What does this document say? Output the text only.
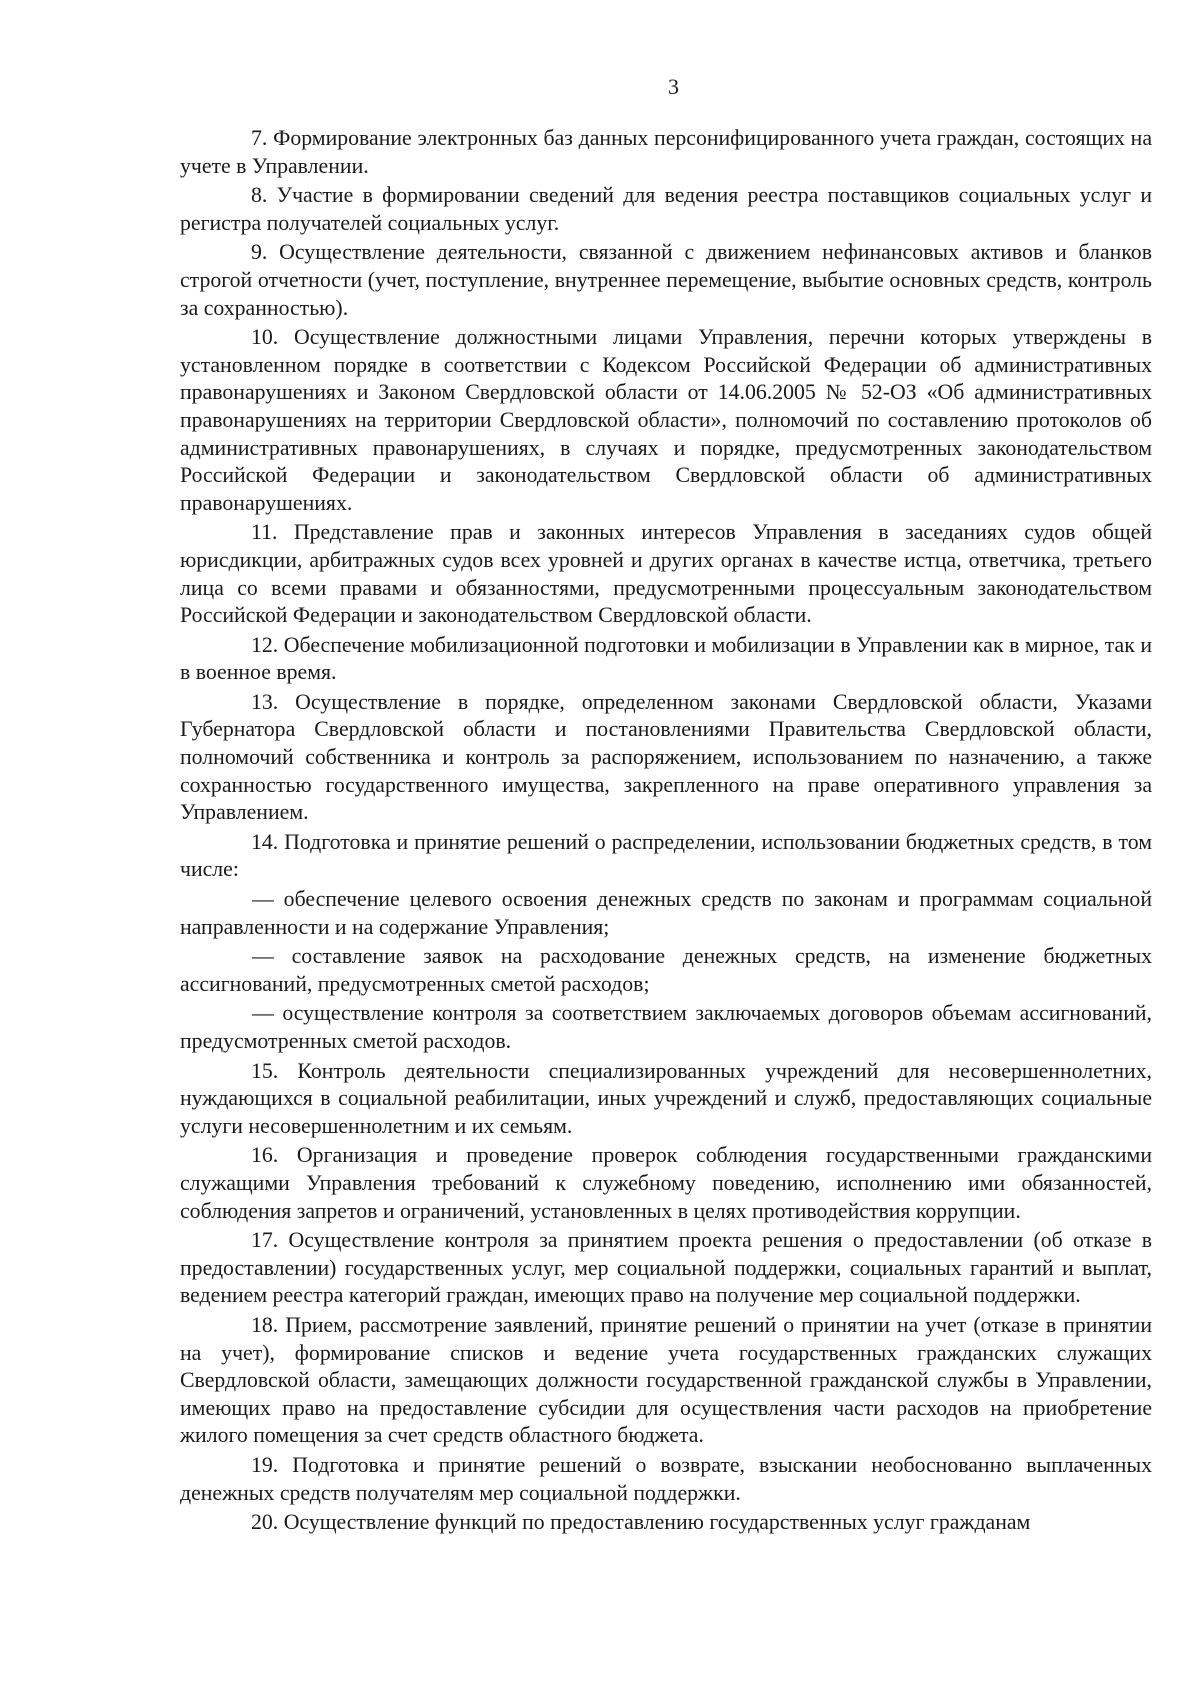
3

7. Формирование электронных баз данных персонифицированного учета граждан, состоящих на учете в Управлении.

8. Участие в формировании сведений для ведения реестра поставщиков социальных услуг и регистра получателей социальных услуг.

9. Осуществление деятельности, связанной с движением нефинансовых активов и бланков строгой отчетности (учет, поступление, внутреннее перемещение, выбытие основных средств, контроль за сохранностью).

10. Осуществление должностными лицами Управления, перечни которых утверждены в установленном порядке в соответствии с Кодексом Российской Федерации об административных правонарушениях и Законом Свердловской области от 14.06.2005 № 52-ОЗ «Об административных правонарушениях на территории Свердловской области», полномочий по составлению протоколов об административных правонарушениях, в случаях и порядке, предусмотренных законодательством Российской Федерации и законодательством Свердловской области об административных правонарушениях.

11. Представление прав и законных интересов Управления в заседаниях судов общей юрисдикции, арбитражных судов всех уровней и других органах в качестве истца, ответчика, третьего лица со всеми правами и обязанностями, предусмотренными процессуальным законодательством Российской Федерации и законодательством Свердловской области.

12. Обеспечение мобилизационной подготовки и мобилизации в Управлении как в мирное, так и в военное время.

13. Осуществление в порядке, определенном законами Свердловской области, Указами Губернатора Свердловской области и постановлениями Правительства Свердловской области, полномочий собственника и контроль за распоряжением, использованием по назначению, а также сохранностью государственного имущества, закрепленного на праве оперативного управления за Управлением.

14. Подготовка и принятие решений о распределении, использовании бюджетных средств, в том числе:

— обеспечение целевого освоения денежных средств по законам и программам социальной направленности и на содержание Управления;

— составление заявок на расходование денежных средств, на изменение бюджетных ассигнований, предусмотренных сметой расходов;

— осуществление контроля за соответствием заключаемых договоров объемам ассигнований, предусмотренных сметой расходов.

15. Контроль деятельности специализированных учреждений для несовершеннолетних, нуждающихся в социальной реабилитации, иных учреждений и служб, предоставляющих социальные услуги несовершеннолетним и их семьям.

16. Организация и проведение проверок соблюдения государственными гражданскими служащими Управления требований к служебному поведению, исполнению ими обязанностей, соблюдения запретов и ограничений, установленных в целях противодействия коррупции.

17. Осуществление контроля за принятием проекта решения о предоставлении (об отказе в предоставлении) государственных услуг, мер социальной поддержки, социальных гарантий и выплат, ведением реестра категорий граждан, имеющих право на получение мер социальной поддержки.

18. Прием, рассмотрение заявлений, принятие решений о принятии на учет (отказе в принятии на учет), формирование списков и ведение учета государственных гражданских служащих Свердловской области, замещающих должности государственной гражданской службы в Управлении, имеющих право на предоставление субсидии для осуществления части расходов на приобретение жилого помещения за счет средств областного бюджета.

19. Подготовка и принятие решений о возврате, взыскании необоснованно выплаченных денежных средств получателям мер социальной поддержки.

20. Осуществление функций по предоставлению государственных услуг гражданам
